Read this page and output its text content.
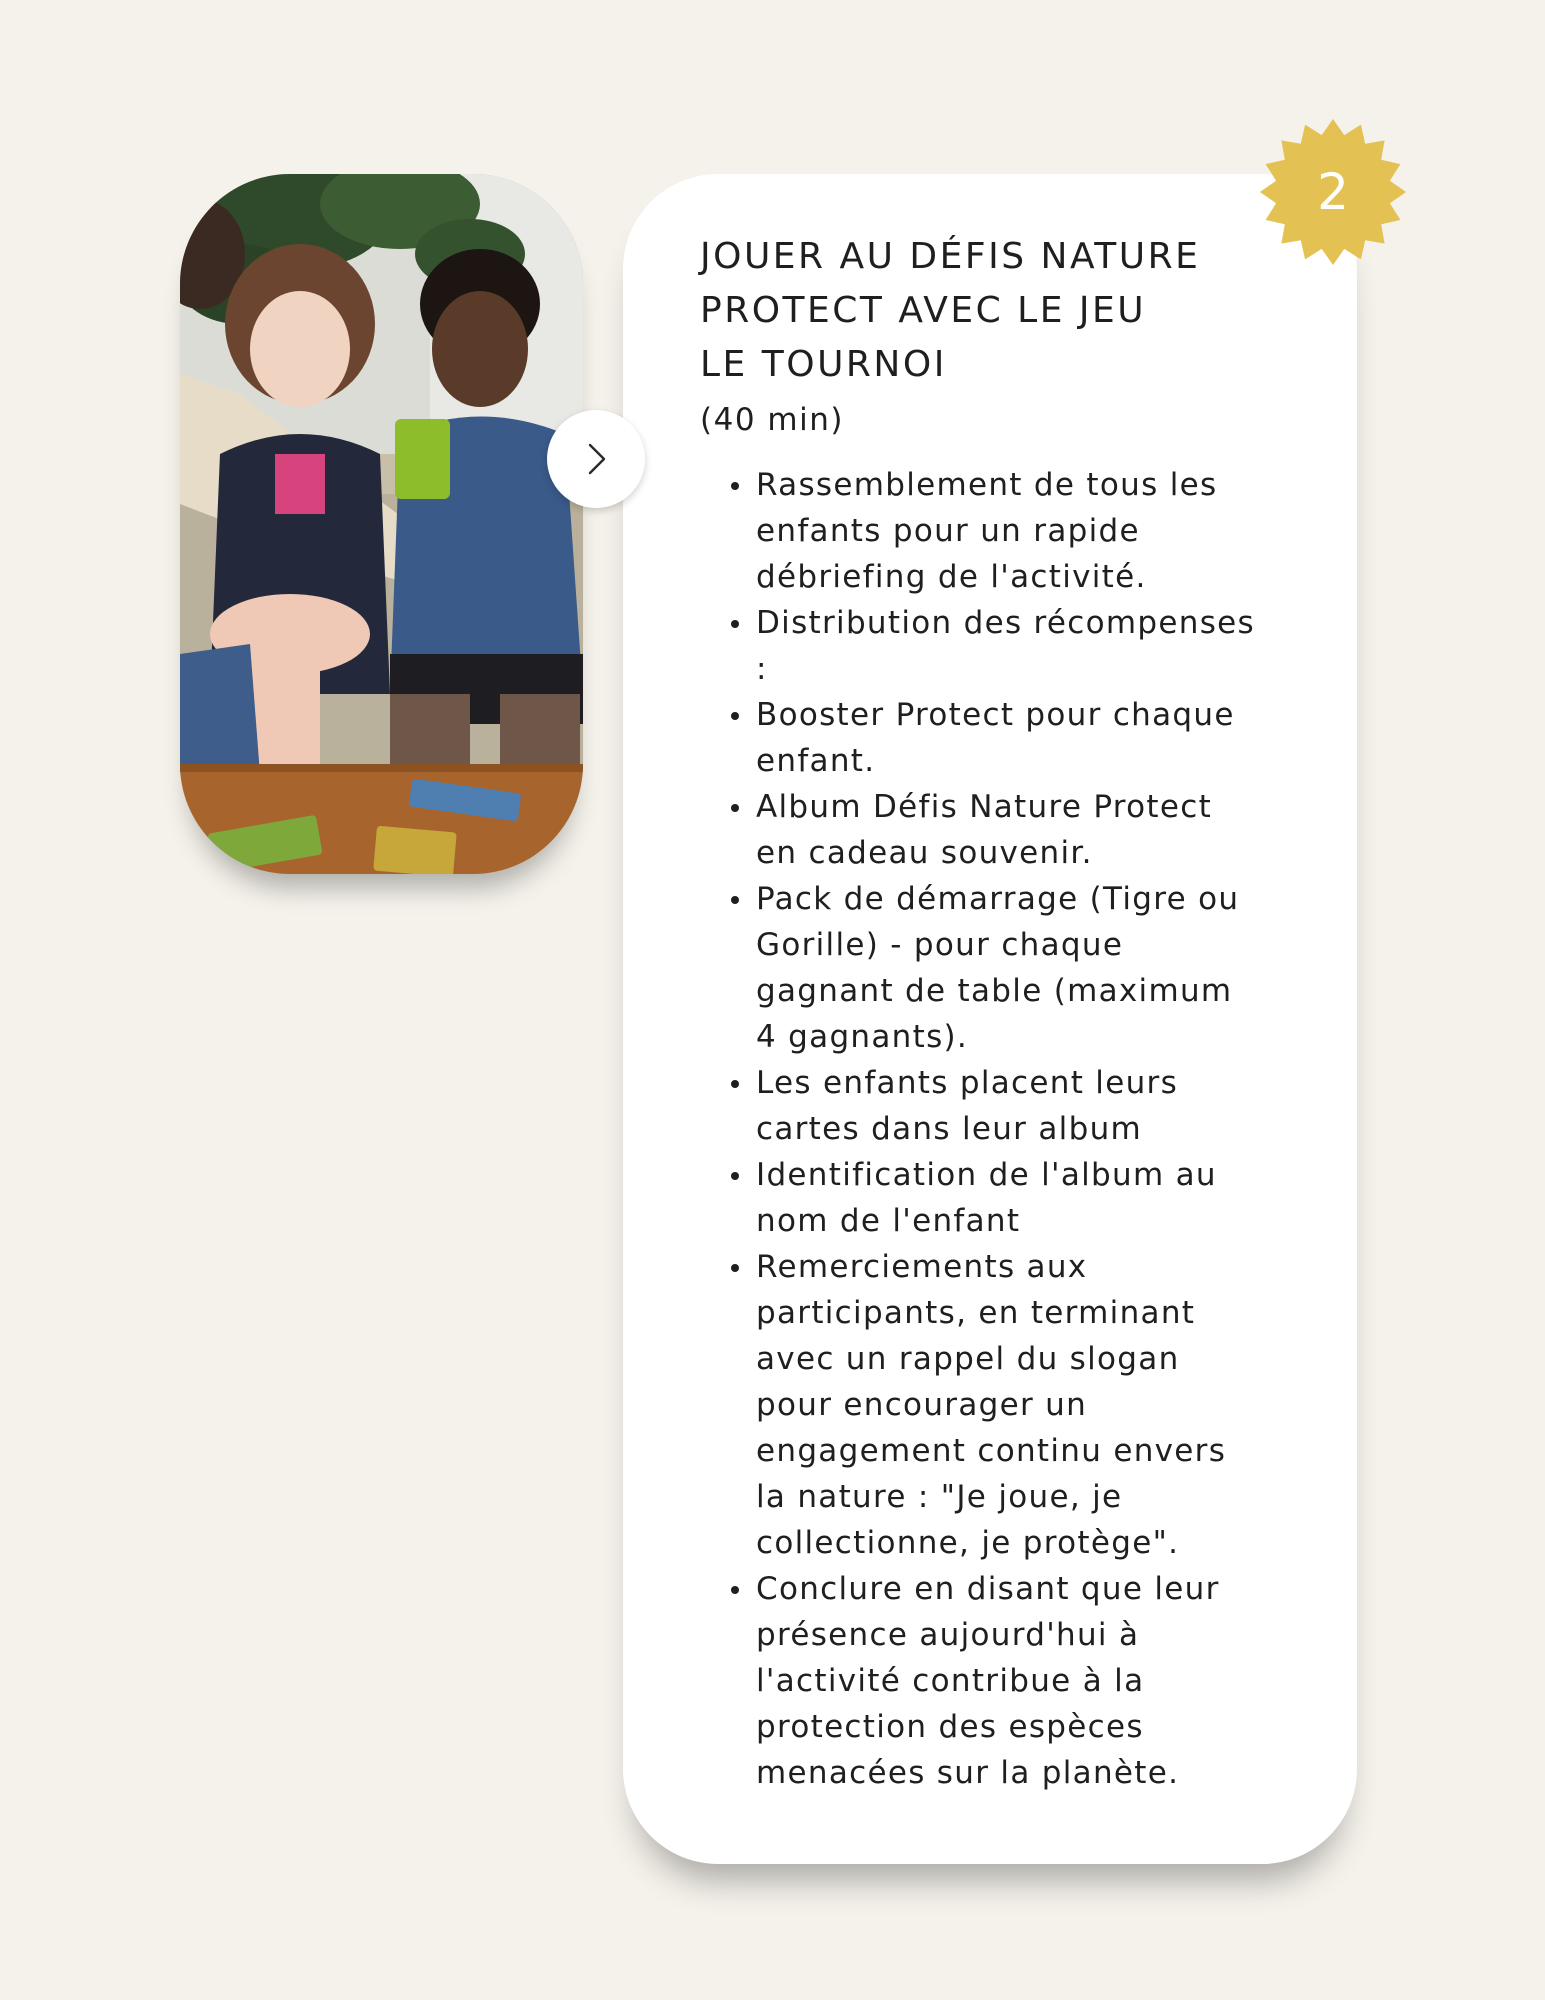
JOUER AU DÉFIS NATURE
PROTECT AVEC LE JEU
LE TOURNOI

(40 min)

Rassemblement de tous les enfants pour un rapide débriefing de l'activité.
Distribution des récompenses :
Booster Protect pour chaque enfant.
Album Défis Nature Protect en cadeau souvenir.
Pack de démarrage (Tigre ou Gorille) - pour chaque gagnant de table (maximum 4 gagnants).
Les enfants placent leurs cartes dans leur album
Identification de l'album au nom de l'enfant
Remerciements aux participants, en terminant avec un rappel du slogan pour encourager un engagement continu envers la nature : "Je joue, je collectionne, je protège".
Conclure en disant que leur présence aujourd'hui à l'activité contribue à la protection des espèces menacées sur la planète.
2
